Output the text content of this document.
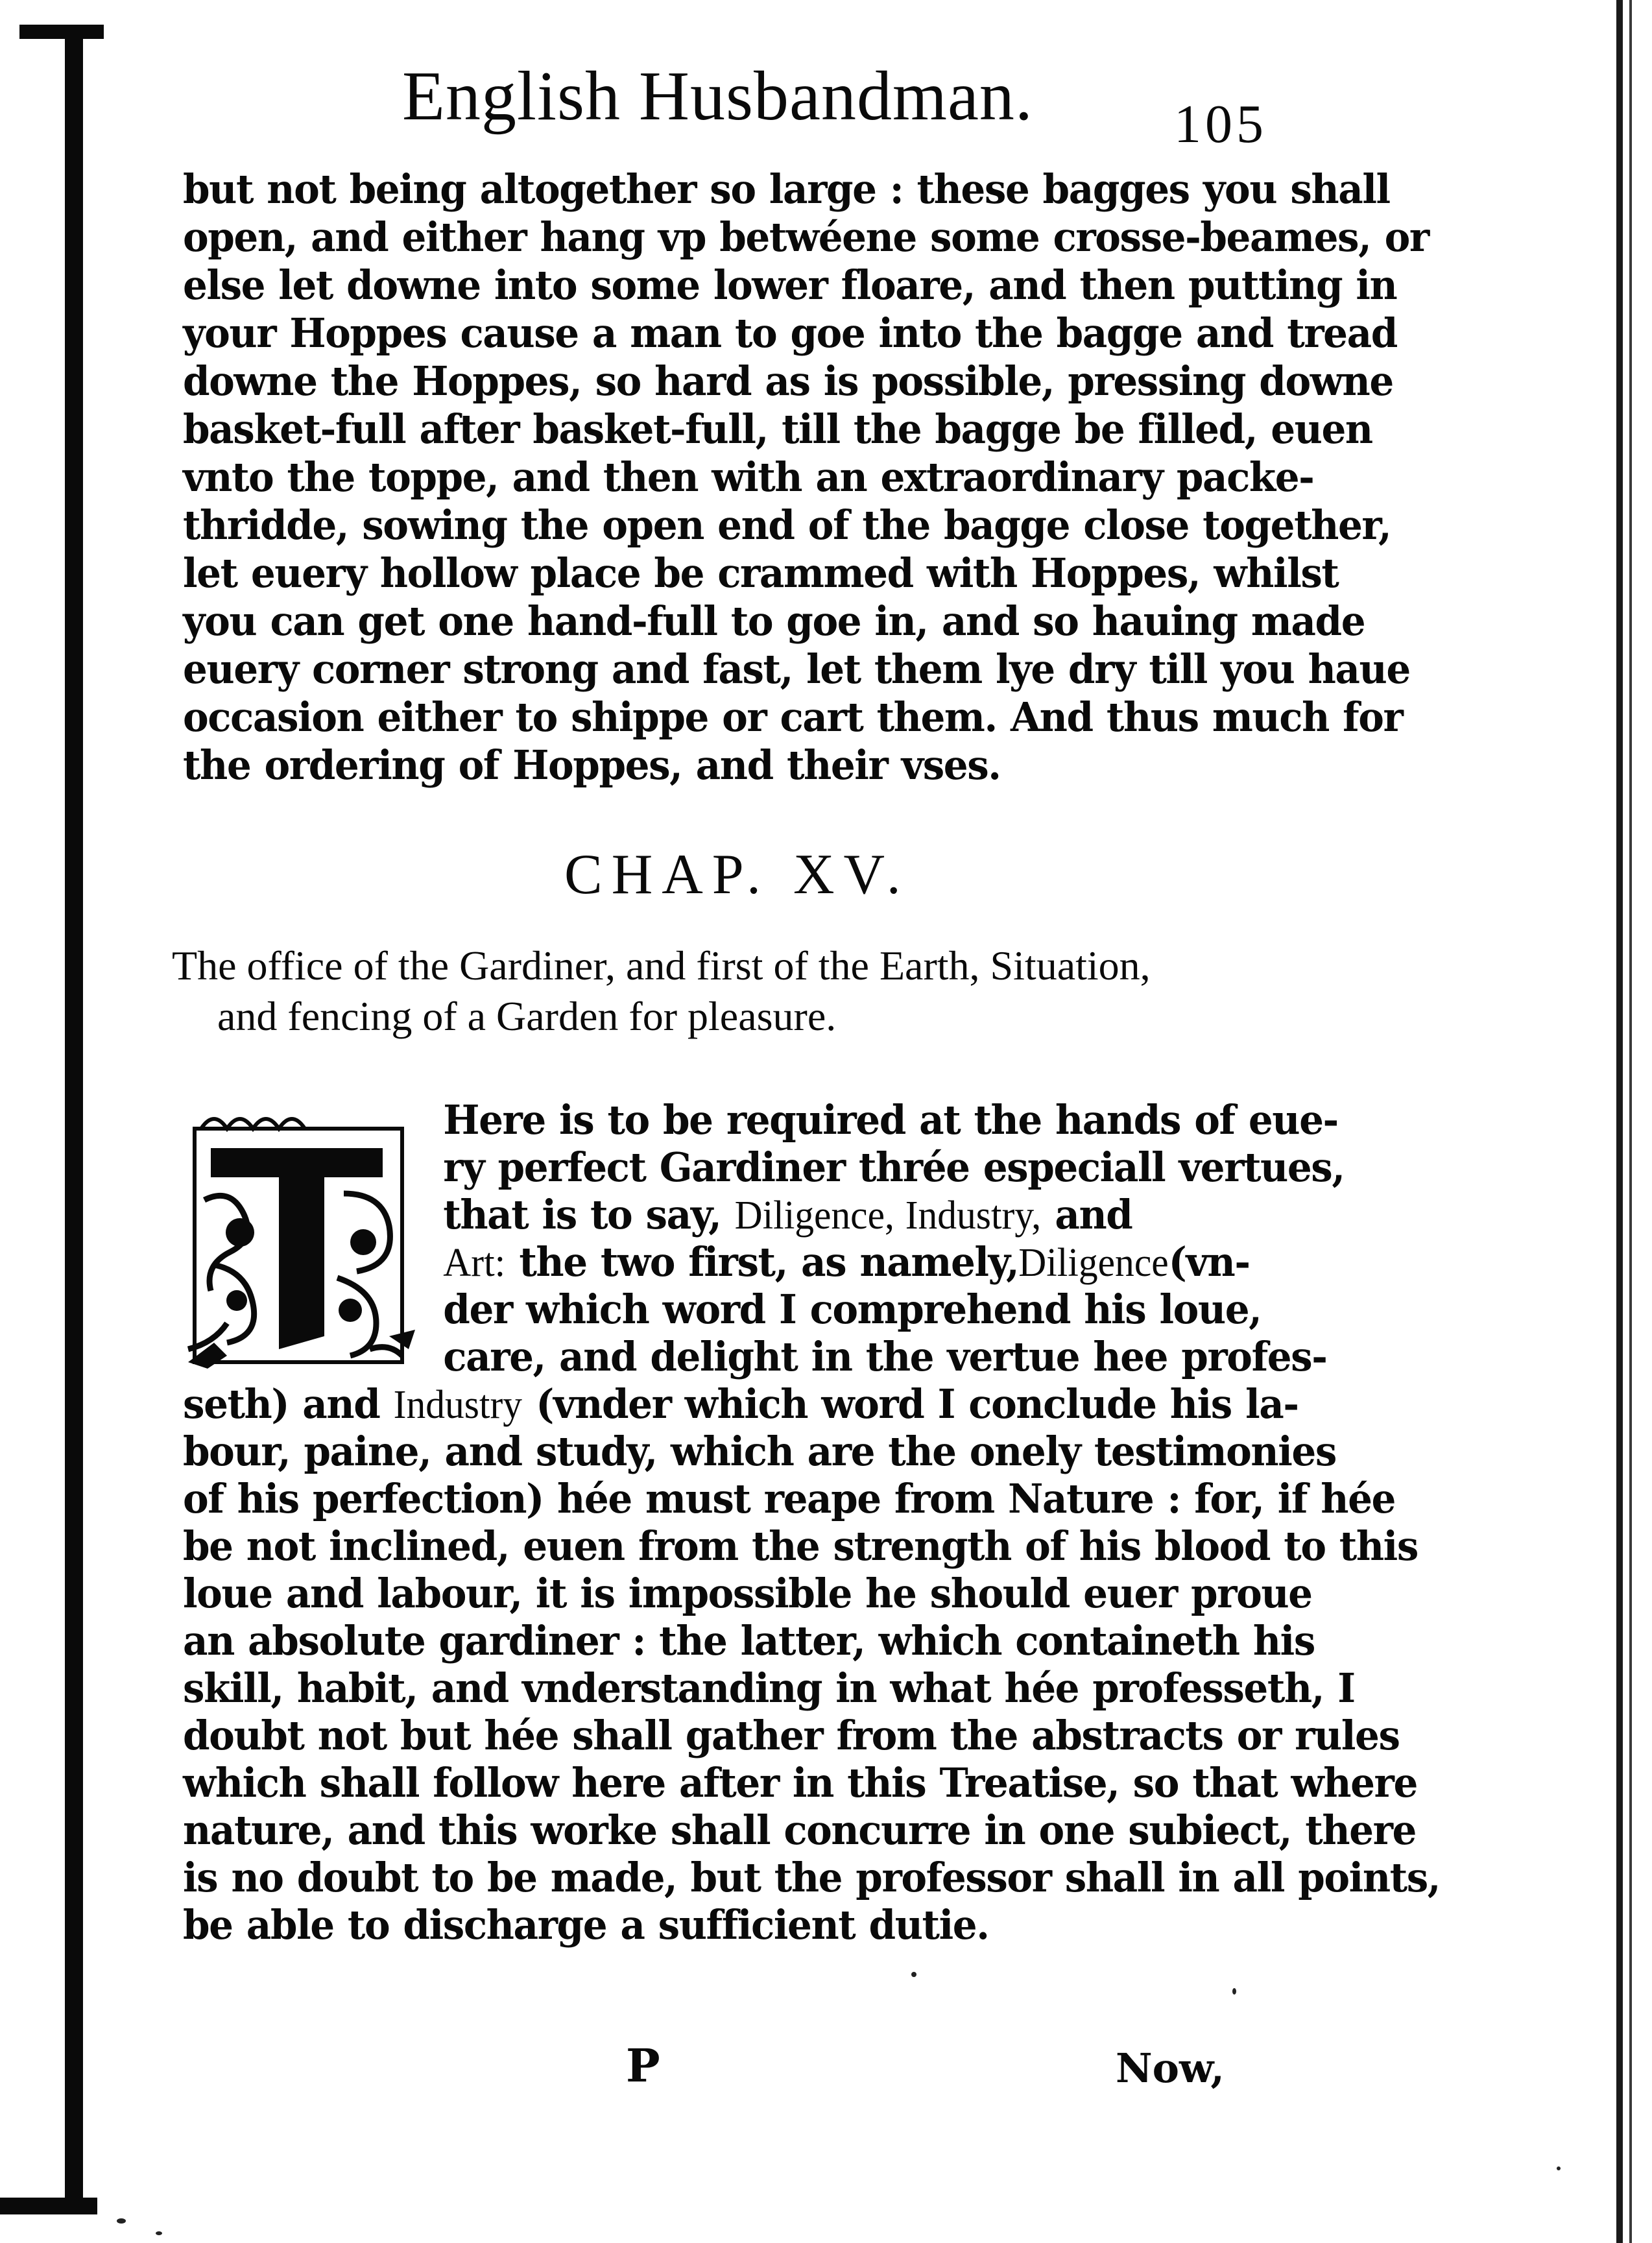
English Husbandman.	105
but not being altogether so large : these bagges you shall
open, and either hang vp betwéene some crosse-beames, or
else let downe into some lower floare, and then putting in
your Hoppes cause a man to goe into the bagge and tread
downe the Hoppes, so hard as is possible, pressing downe
basket-full after basket-full, till the bagge be filled, euen
vnto the toppe, and then with an extraordinary packe-
thridde, sowing the open end of the bagge close together,
let euery hollow place be crammed with Hoppes, whilst
you can get one hand-full to goe in, and so hauing made
euery corner strong and fast, let them lye dry till you haue
occasion either to shippe or cart them. And thus much for
the ordering of Hoppes, and their vses.
CHAP. XV.
The office of the Gardiner, and first of the Earth, Situation,
and fencing of a Garden for pleasure.
T	Here is to be required at the hands of eue-
ry perfect Gardiner thrée especiall vertues,
that is to say, Diligence, Industry, and
Art: the two first, as namely,Diligence(vn-
der which word I comprehend his loue,
care, and delight in the vertue hee profes-
seth) and Industry (vnder which word I conclude his la-
bour, paine, and study, which are the onely testimonies
of his perfection) hée must reape from Nature : for, if hée
be not inclined, euen from the strength of his blood to this
loue and labour, it is impossible he should euer proue
an absolute gardiner : the latter, which containeth his
skill, habit, and vnderstanding in what hée professeth, I
doubt not but hée shall gather from the abstracts or rules
which shall follow here after in this Treatise, so that where
nature, and this worke shall concurre in one subiect, there
is no doubt to be made, but the professor shall in all points,
be able to discharge a sufficient dutie.
P	Now,
